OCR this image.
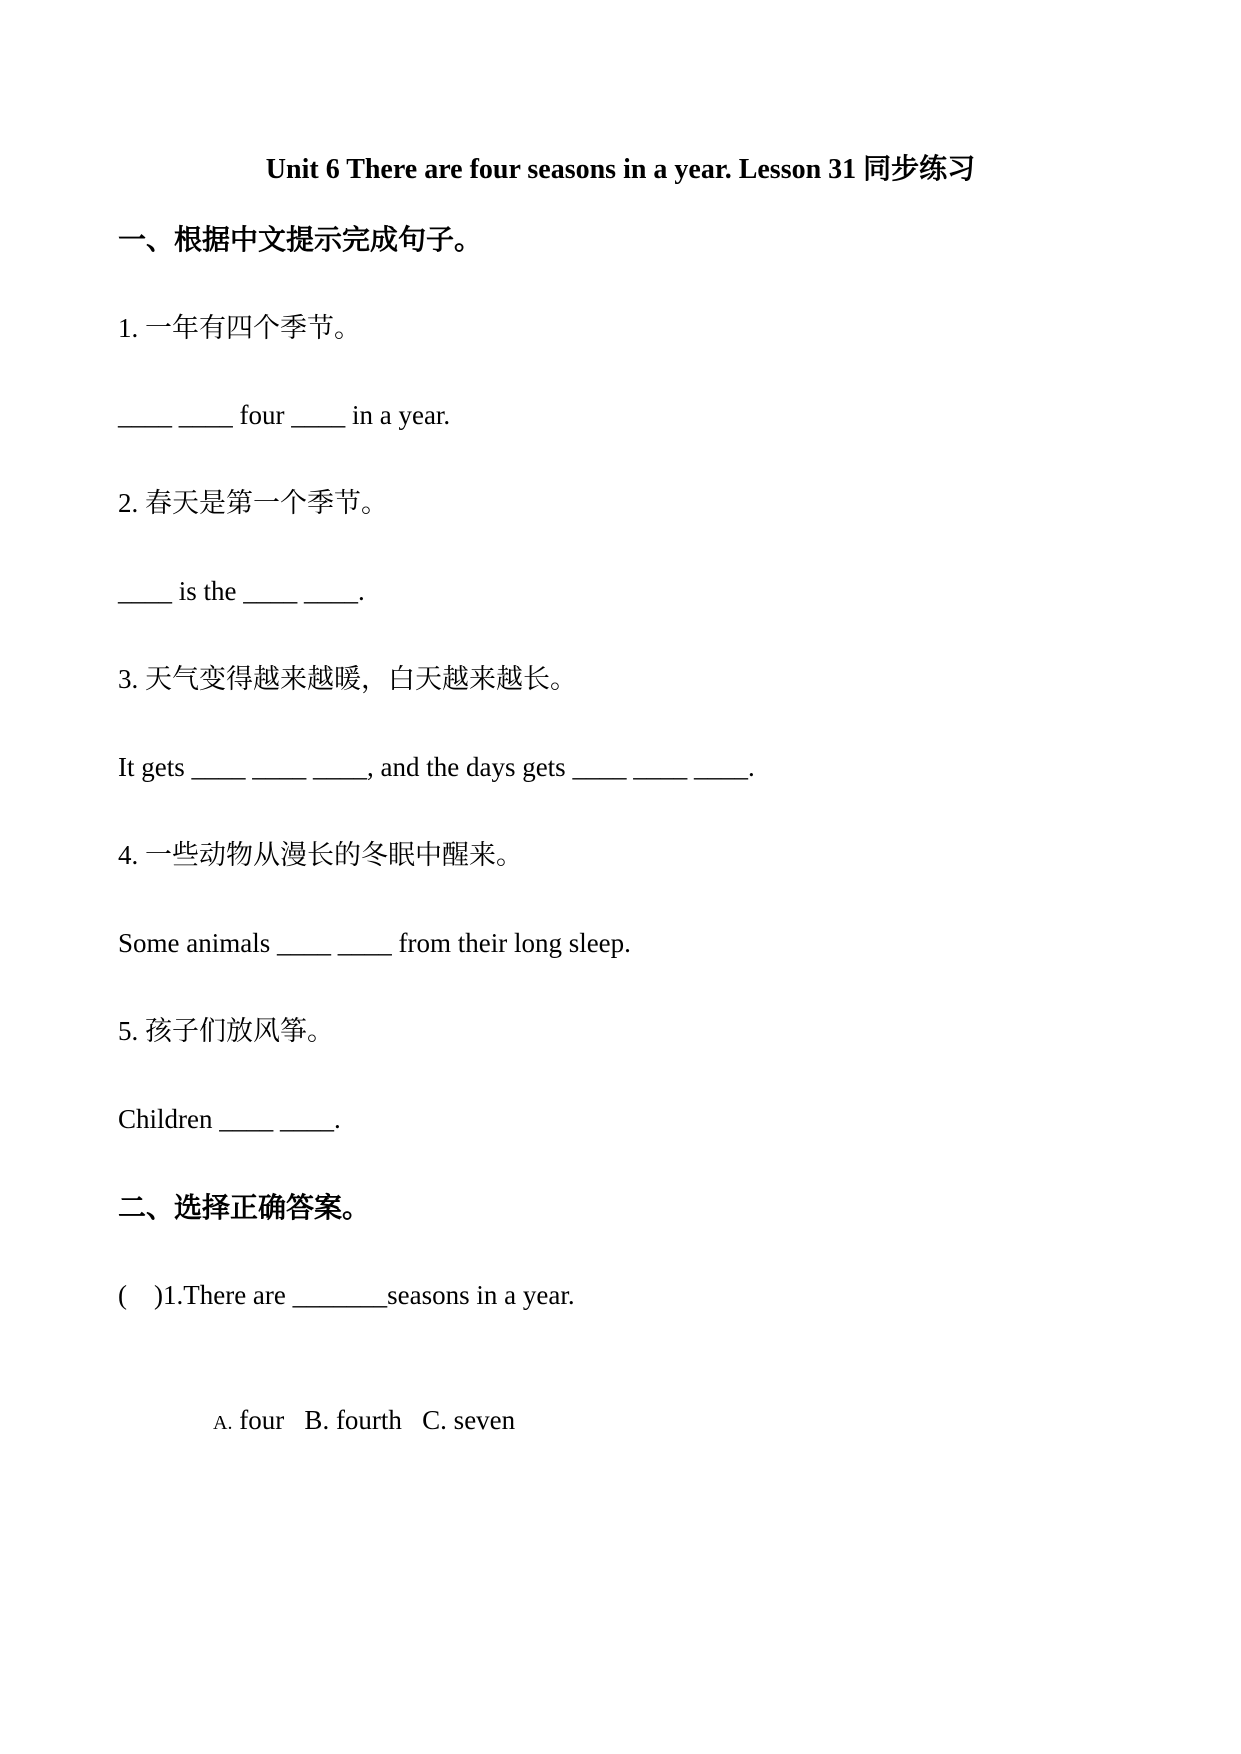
Unit 6 There are four seasons in a year. Lesson 31 同步练习
一、根据中文提示完成句子。
1. 一年有四个季节。
____ ____ four ____ in a year.
2. 春天是第一个季节。
____ is the ____ ____.
3. 天气变得越来越暖，白天越来越长。
It gets ____ ____ ____, and the days gets ____ ____ ____.
4. 一些动物从漫长的冬眠中醒来。
Some animals ____ ____ from their long sleep.
5. 孩子们放风筝。
Children ____ ____.
二、选择正确答案。
(    )1.There are _______seasons in a year.

A. four   B. fourth   C. seven
